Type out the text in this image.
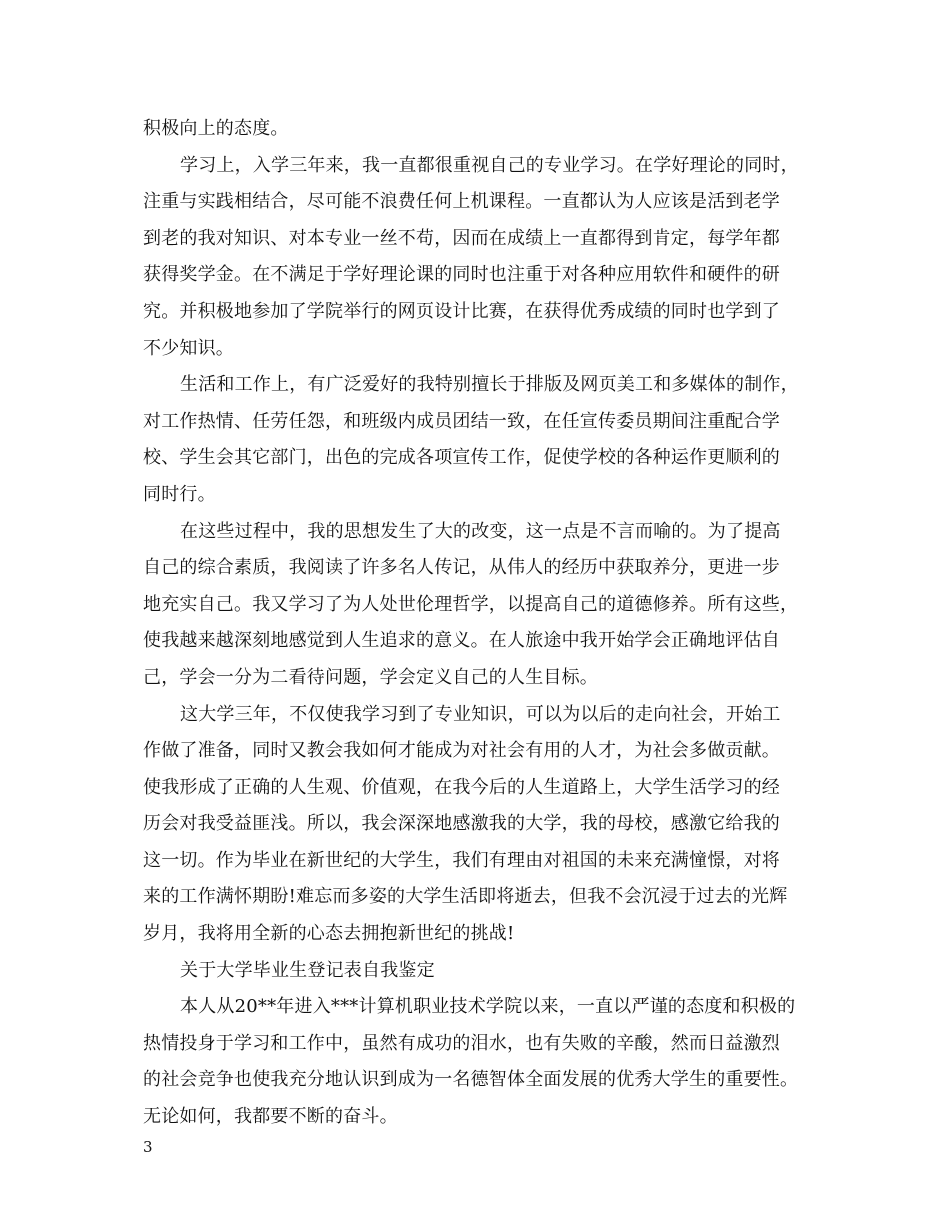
积极向上的态度。
学习上，入学三年来，我一直都很重视自己的专业学习。在学好理论的同时，
注重与实践相结合，尽可能不浪费任何上机课程。一直都认为人应该是活到老学
到老的我对知识、对本专业一丝不苟，因而在成绩上一直都得到肯定，每学年都
获得奖学金。在不满足于学好理论课的同时也注重于对各种应用软件和硬件的研
究。并积极地参加了学院举行的网页设计比赛，在获得优秀成绩的同时也学到了
不少知识。
生活和工作上，有广泛爱好的我特别擅长于排版及网页美工和多媒体的制作，
对工作热情、任劳任怨，和班级内成员团结一致，在任宣传委员期间注重配合学
校、学生会其它部门，出色的完成各项宣传工作，促使学校的各种运作更顺利的
同时行。
在这些过程中，我的思想发生了大的改变，这一点是不言而喻的。为了提高
自己的综合素质，我阅读了许多名人传记，从伟人的经历中获取养分，更进一步
地充实自己。我又学习了为人处世伦理哲学，以提高自己的道德修养。所有这些，
使我越来越深刻地感觉到人生追求的意义。在人旅途中我开始学会正确地评估自
己，学会一分为二看待问题，学会定义自己的人生目标。
这大学三年，不仅使我学习到了专业知识，可以为以后的走向社会，开始工
作做了准备，同时又教会我如何才能成为对社会有用的人才，为社会多做贡献。
使我形成了正确的人生观、价值观，在我今后的人生道路上，大学生活学习的经
历会对我受益匪浅。所以，我会深深地感激我的大学，我的母校，感激它给我的
这一切。作为毕业在新世纪的大学生，我们有理由对祖国的未来充满憧憬，对将
来的工作满怀期盼!难忘而多姿的大学生活即将逝去，但我不会沉浸于过去的光辉
岁月，我将用全新的心态去拥抱新世纪的挑战!
关于大学毕业生登记表自我鉴定
本人从20**年进入***计算机职业技术学院以来，一直以严谨的态度和积极的
热情投身于学习和工作中，虽然有成功的泪水，也有失败的辛酸，然而日益激烈
的社会竞争也使我充分地认识到成为一名德智体全面发展的优秀大学生的重要性。
无论如何，我都要不断的奋斗。
3
